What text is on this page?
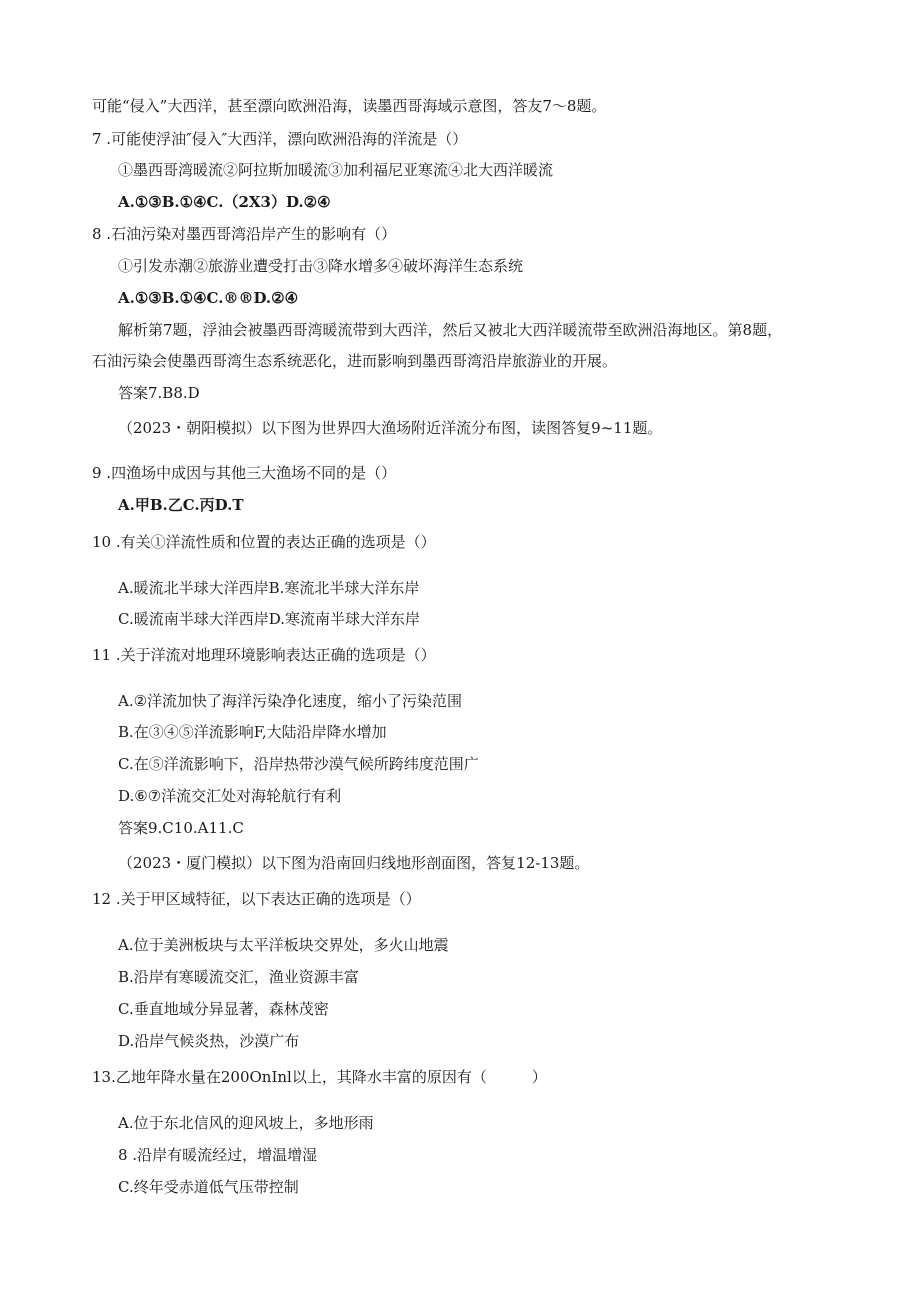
可能“侵入”大西洋，甚至漂向欧洲沿海，读墨西哥海域示意图，答友7〜8题。
7 .可能使浮油″侵入″大西洋，漂向欧洲沿海的洋流是（）
①墨西哥湾暖流②阿拉斯加暖流③加利福尼亚寒流④北大西洋暖流
A.①③B.①④C.（2X3）D.②④
8 .石油污染对墨西哥湾沿岸产生的影响有（）
①引发赤潮②旅游业遭受打击③降水增多④破坏海洋生态系统
A.①③B.①④C.®®D.②④
解析第7题，浮油会被墨西哥湾暖流带到大西洋，然后又被北大西洋暖流带至欧洲沿海地区。第8题，
石油污染会使墨西哥湾生态系统恶化，进而影响到墨西哥湾沿岸旅游业的开展。
答案7.B8.D
（2023・朝阳模拟）以下图为世界四大渔场附近洋流分布图，读图答复9~11题。
9 .四渔场中成因与其他三大渔场不同的是（）
A.甲B.乙C.丙D.T
10 .有关①洋流性质和位置的表达正确的选项是（）
A.暖流北半球大洋西岸B.寒流北半球大洋东岸
C.暖流南半球大洋西岸D.寒流南半球大洋东岸
11 .关于洋流对地理环境影响表达正确的选项是（）
A.②洋流加快了海洋污染净化速度，缩小了污染范围
B.在③④⑤洋流影响F,大陆沿岸降水增加
C.在⑤洋流影响下，沿岸热带沙漠气候所跨纬度范围广
D.⑥⑦洋流交汇处对海轮航行有利
答案9.C10.A11.C
（2023・厦门模拟）以下图为沿南回归线地形剖面图，答复12-13题。
12 .关于甲区域特征，以下表达正确的选项是（）
A.位于美洲板块与太平洋板块交界处，多火山地震
B.沿岸有寒暖流交汇，渔业资源丰富
C.垂直地域分异显著，森林茂密
D.沿岸气候炎热，沙漠广布
13.乙地年降水量在200OnInl以上，其降水丰富的原因有（　　　）
A.位于东北信风的迎风坡上，多地形雨
8 .沿岸有暖流经过，增温增湿
C.终年受赤道低气压带控制
